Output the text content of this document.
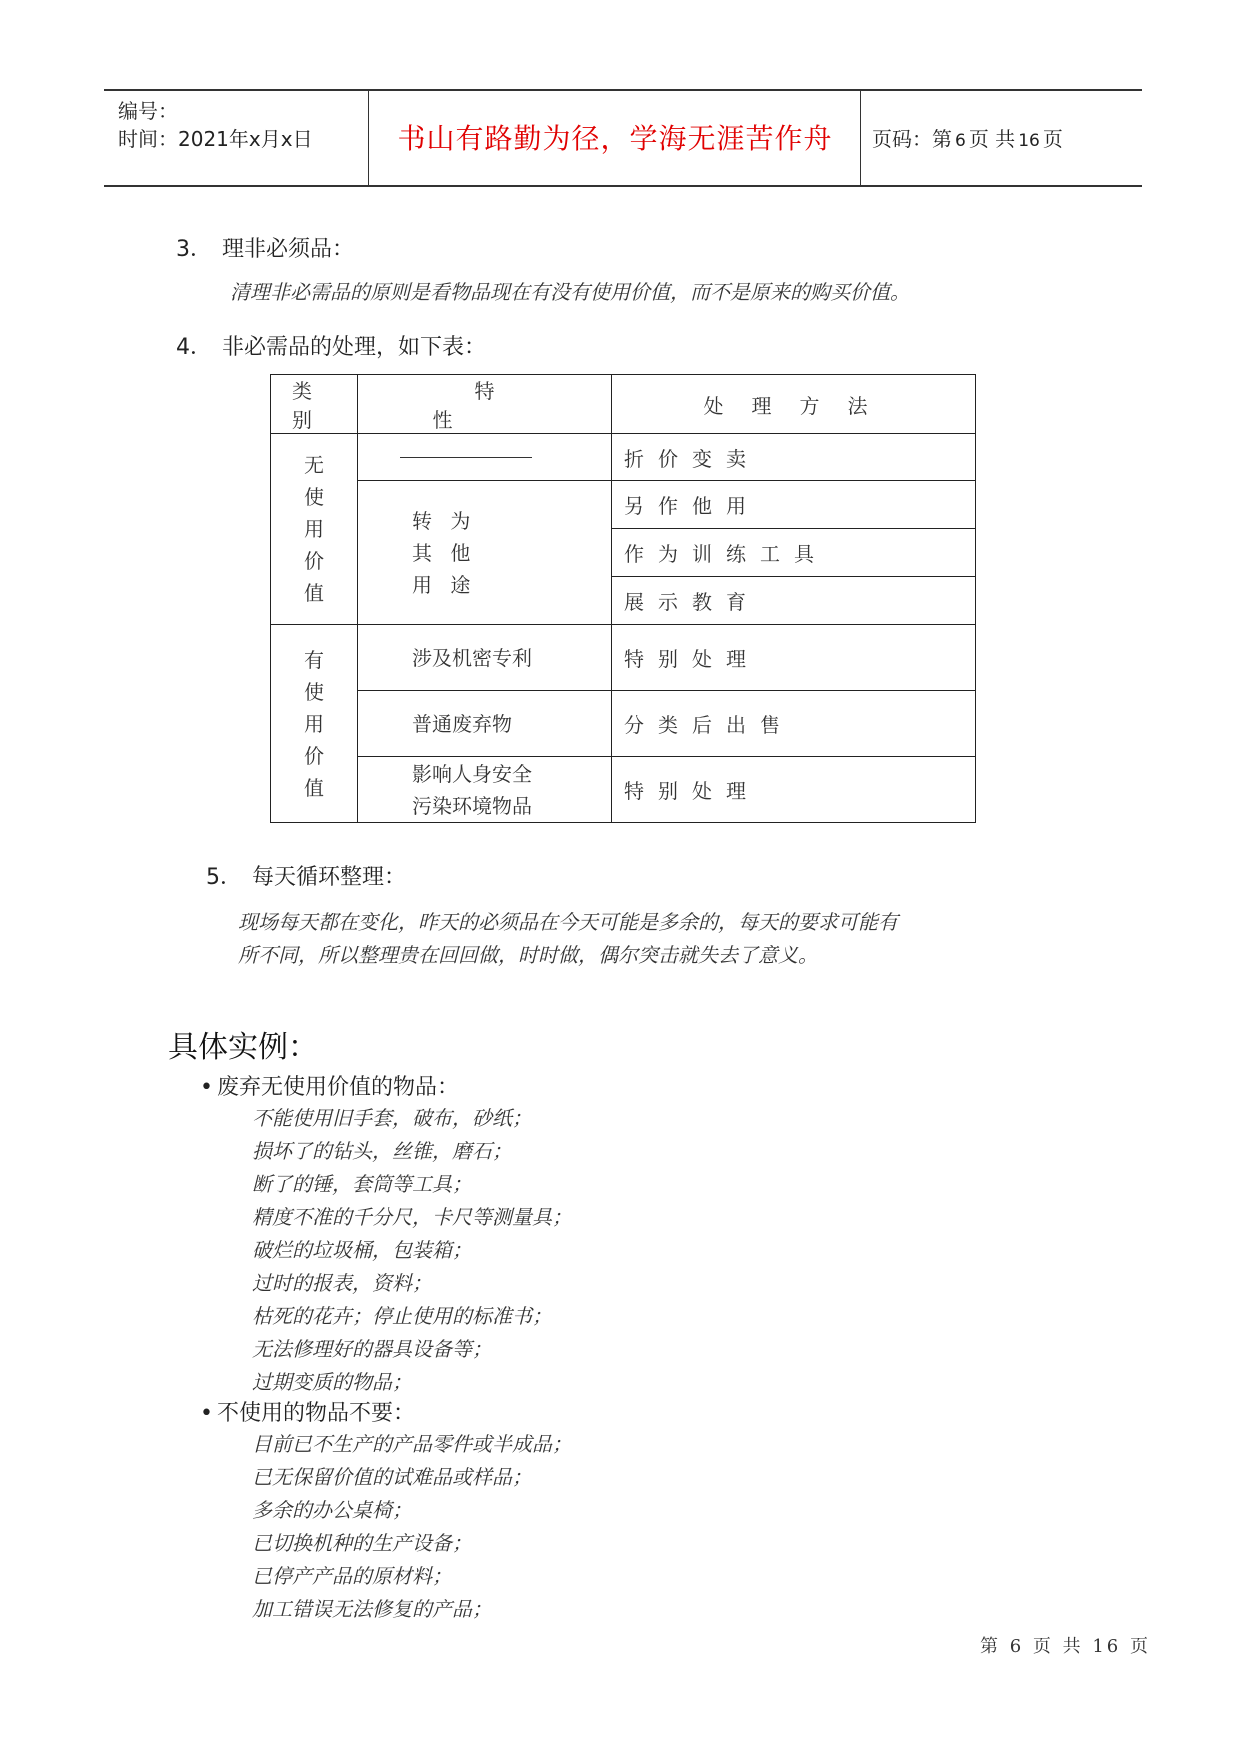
编号：
时间：2021年x月x日	书山有路勤为径，学海无涯苦作舟	页码：第 6 页 共 16 页
3． 理非必须品：
清理非必需品的原则是看物品现在有没有使用价值，而不是原来的购买价值。
4． 非必需品的处理，如下表：
类别	特性	处理方法

无
使
用
价
值		折价变卖

	转 为
其 他
用 途	另作他用
		作为训练工具
		展示教育

有
使
用
价
值	涉及机密专利	特别处理

	普通废弃物	分类后出售

	影响人身安全
污染环境物品	特别处理
5． 每天循环整理：
现场每天都在变化，昨天的必须品在今天可能是多余的，每天的要求可能有
所不同，所以整理贵在回回做，时时做，偶尔突击就失去了意义。
具体实例：
• 废弃无使用价值的物品：
不能使用旧手套，破布，砂纸；
损坏了的钻头，丝锥，磨石；
断了的锤，套筒等工具；
精度不准的千分尺，卡尺等测量具；
破烂的垃圾桶，包装箱；
过时的报表，资料；
枯死的花卉；停止使用的标准书；
无法修理好的器具设备等；
过期变质的物品；
• 不使用的物品不要：
目前已不生产的产品零件或半成品；
已无保留价值的试难品或样品；
多余的办公桌椅；
已切换机种的生产设备；
已停产产品的原材料；
加工错误无法修复的产品；
第 6 页 共 16 页
